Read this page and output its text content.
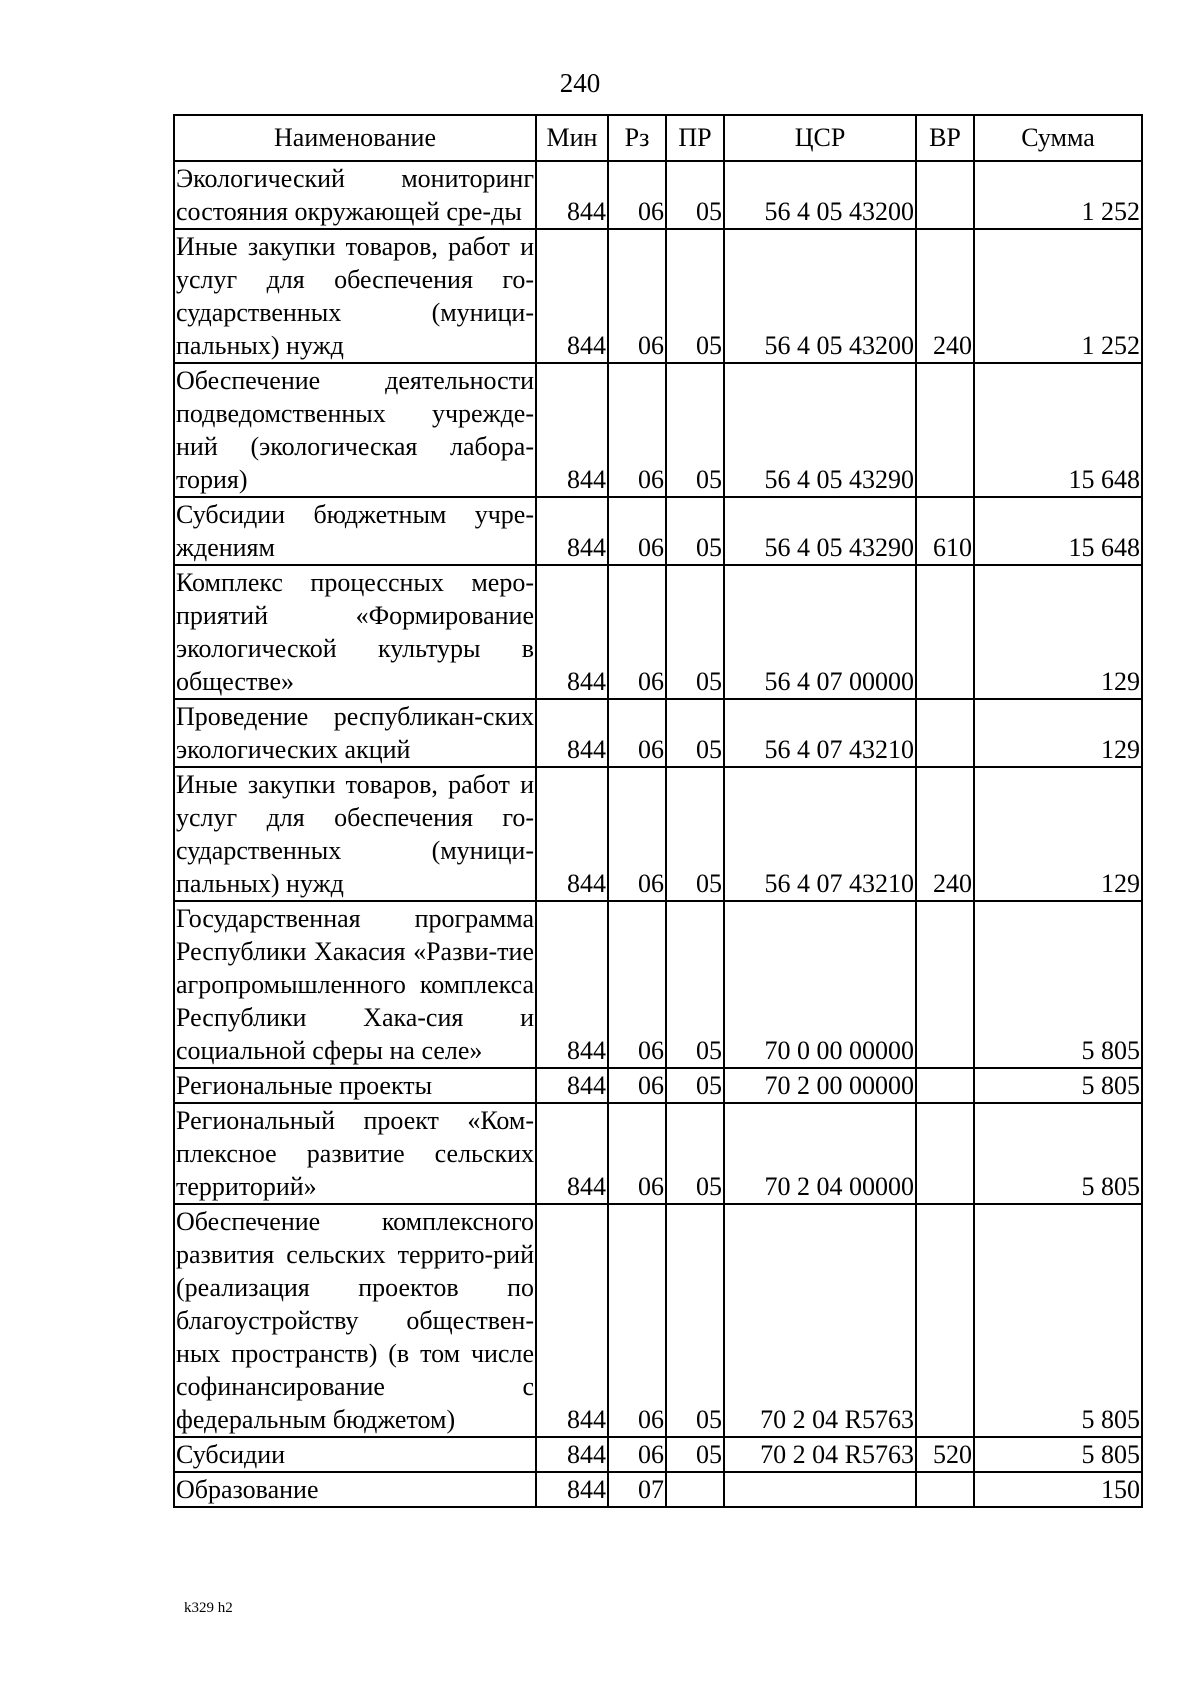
240
Наименование	Мин	Рз	ПР	ЦСР	ВР	Сумма
Экологический мониторинг состояния окружающей сре-ды	844	06	05	56 4 05 43200		1 252
Иные закупки товаров, работ и услуг для обеспечения го-сударственных (муници-пальных) нужд	844	06	05	56 4 05 43200	240	1 252
Обеспечение деятельности подведомственных учрежде-ний (экологическая лабора-тория)	844	06	05	56 4 05 43290		15 648
Субсидии бюджетным учре-ждениям	844	06	05	56 4 05 43290	610	15 648
Комплекс процессных меро-приятий «Формирование экологической культуры в обществе»	844	06	05	56 4 07 00000		129
Проведение республикан-ских экологических акций	844	06	05	56 4 07 43210		129
Иные закупки товаров, работ и услуг для обеспечения го-сударственных (муници-пальных) нужд	844	06	05	56 4 07 43210	240	129
Государственная программа Республики Хакасия «Разви-тие агропромышленного комплекса Республики Хака-сия и социальной сферы на селе»	844	06	05	70 0 00 00000		5 805
Региональные проекты	844	06	05	70 2 00 00000		5 805
Региональный проект «Ком-плексное развитие сельских территорий»	844	06	05	70 2 04 00000		5 805
Обеспечение комплексного развития сельских террито-рий (реализация проектов по благоустройству обществен-ных пространств) (в том числе софинансирование с федеральным бюджетом)	844	06	05	70 2 04 R5763		5 805
Субсидии	844	06	05	70 2 04 R5763	520	5 805
Образование	844	07				150
k329 h2
